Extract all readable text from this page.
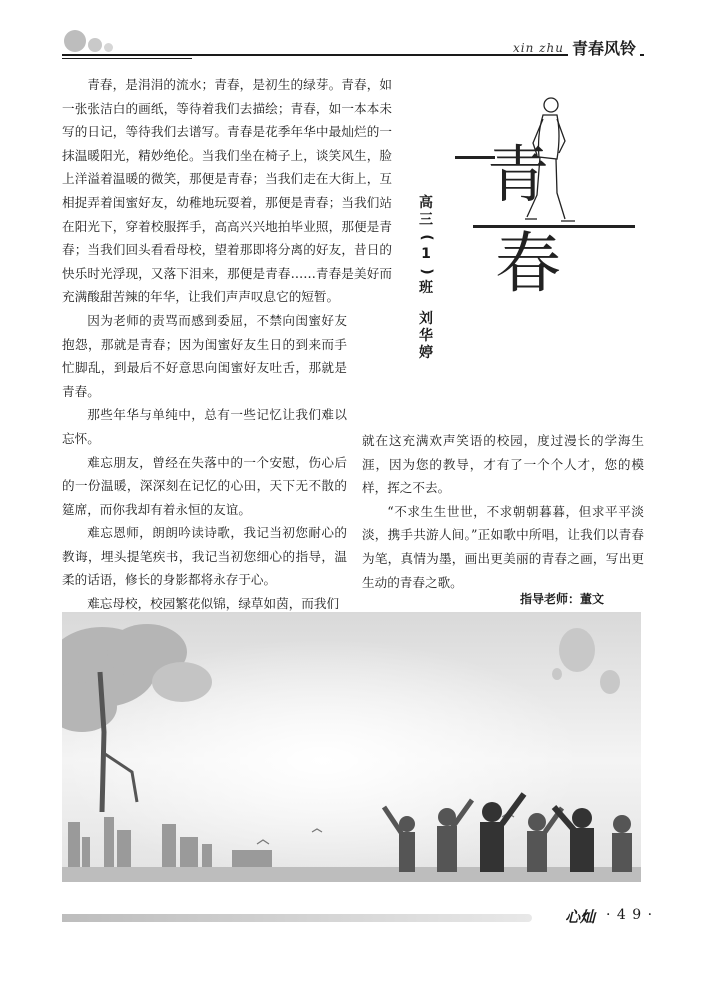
xin zhu 青春风铃
青
春
高
三
(
1
)
班
刘
华
婷

青春，是涓涓的流水；青春，是初生的绿芽。青春，如一张张洁白的画纸，等待着我们去描绘；青春，如一本本未写的日记，等待我们去谱写。青春是花季年华中最灿烂的一抹温暖阳光，精妙绝伦。当我们坐在椅子上，谈笑风生，脸上洋溢着温暖的微笑，那便是青春；当我们走在大街上，互相捉弄着闺蜜好友，幼稚地玩耍着，那便是青春；当我们站在阳光下，穿着校服挥手，高高兴兴地拍毕业照，那便是青春；当我们回头看看母校，望着那即将分离的好友，昔日的快乐时光浮现，又落下泪来，那便是青春……青春是美好而充满酸甜苦辣的年华，让我们声声叹息它的短暂。

因为老师的责骂而感到委屈，不禁向闺蜜好友抱怨，那就是青春；因为闺蜜好友生日的到来而手忙脚乱，到最后不好意思向闺蜜好友吐舌，那就是青春。

那些年华与单纯中，总有一些记忆让我们难以忘怀。

难忘朋友，曾经在失落中的一个安慰，伤心后的一份温暖，深深刻在记忆的心田，天下无不散的筵席，而你我却有着永恒的友谊。

难忘恩师，朗朗吟读诗歌，我记当初您耐心的教诲，埋头提笔疾书，我记当初您细心的指导，温柔的话语，修长的身影都将永存于心。

难忘母校，校园繁花似锦，绿草如茵，而我们

就在这充满欢声笑语的校园，度过漫长的学海生涯，因为您的教导，才有了一个个人才，您的模样，挥之不去。

“不求生生世世，不求朝朝暮暮，但求平平淡淡，携手共游人间。”正如歌中所唱，让我们以青春为笔，真情为墨，画出更美丽的青春之画，写出更生动的青春之歌。

指导老师：董文
心灿 · 4 9 ·
